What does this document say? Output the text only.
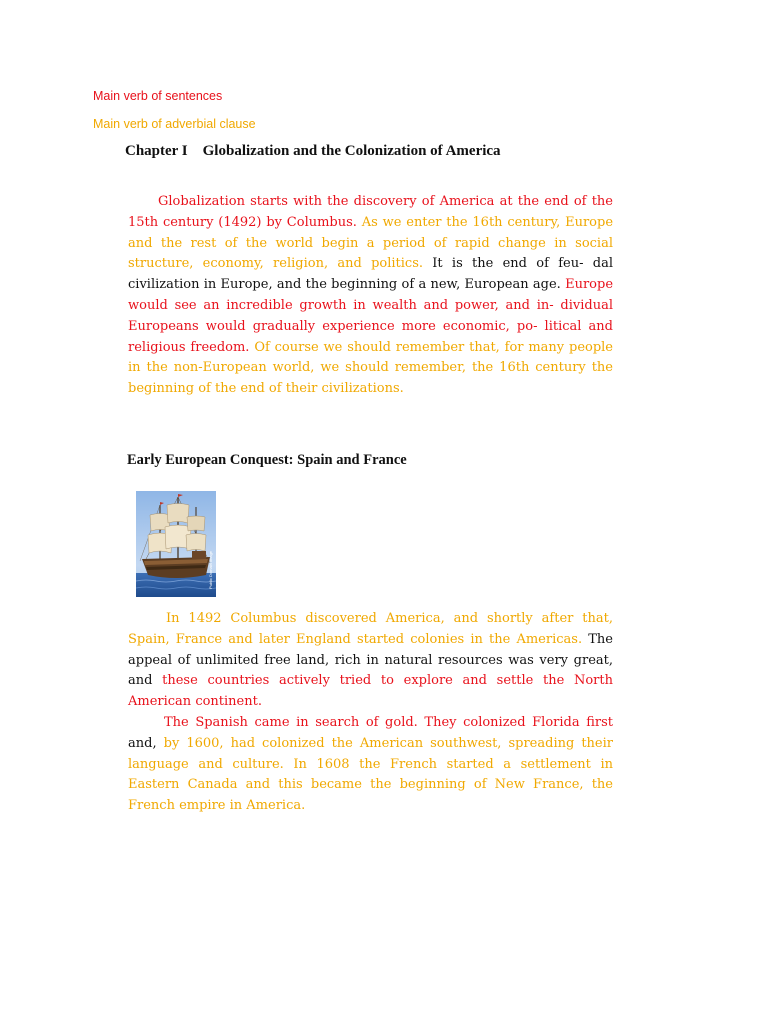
Main verb of sentences
Main verb of adverbial clause
Chapter I    Globalization and the Colonization of America
Globalization starts with the discovery of America at the end of the 15th century (1492) by Columbus. As we enter the 16th century, Europe and the rest of the world begin a period of rapid change in social structure, economy, religion, and politics. It is the end of feu- dal civilization in Europe, and the beginning of a new, European age. Europe would see an incredible growth in wealth and power, and in- dividual Europeans would gradually experience more economic, po- litical and religious freedom. Of course we should remember that, for many people in the non-European world, we should remember, the 16th century the beginning of the end of their civilizations.
Early European Conquest: Spain and France
Public Domain Image
In 1492 Columbus discovered America, and shortly after that, Spain, France and later England started colonies in the Americas. The appeal of unlimited free land, rich in natural resources was very great, and these countries actively tried to explore and settle the North American continent.
The Spanish came in search of gold. They colonized Florida first and, by 1600, had colonized the American southwest, spreading their language and culture. In 1608 the French started a settlement in Eastern Canada and this became the beginning of New France, the French empire in America.
